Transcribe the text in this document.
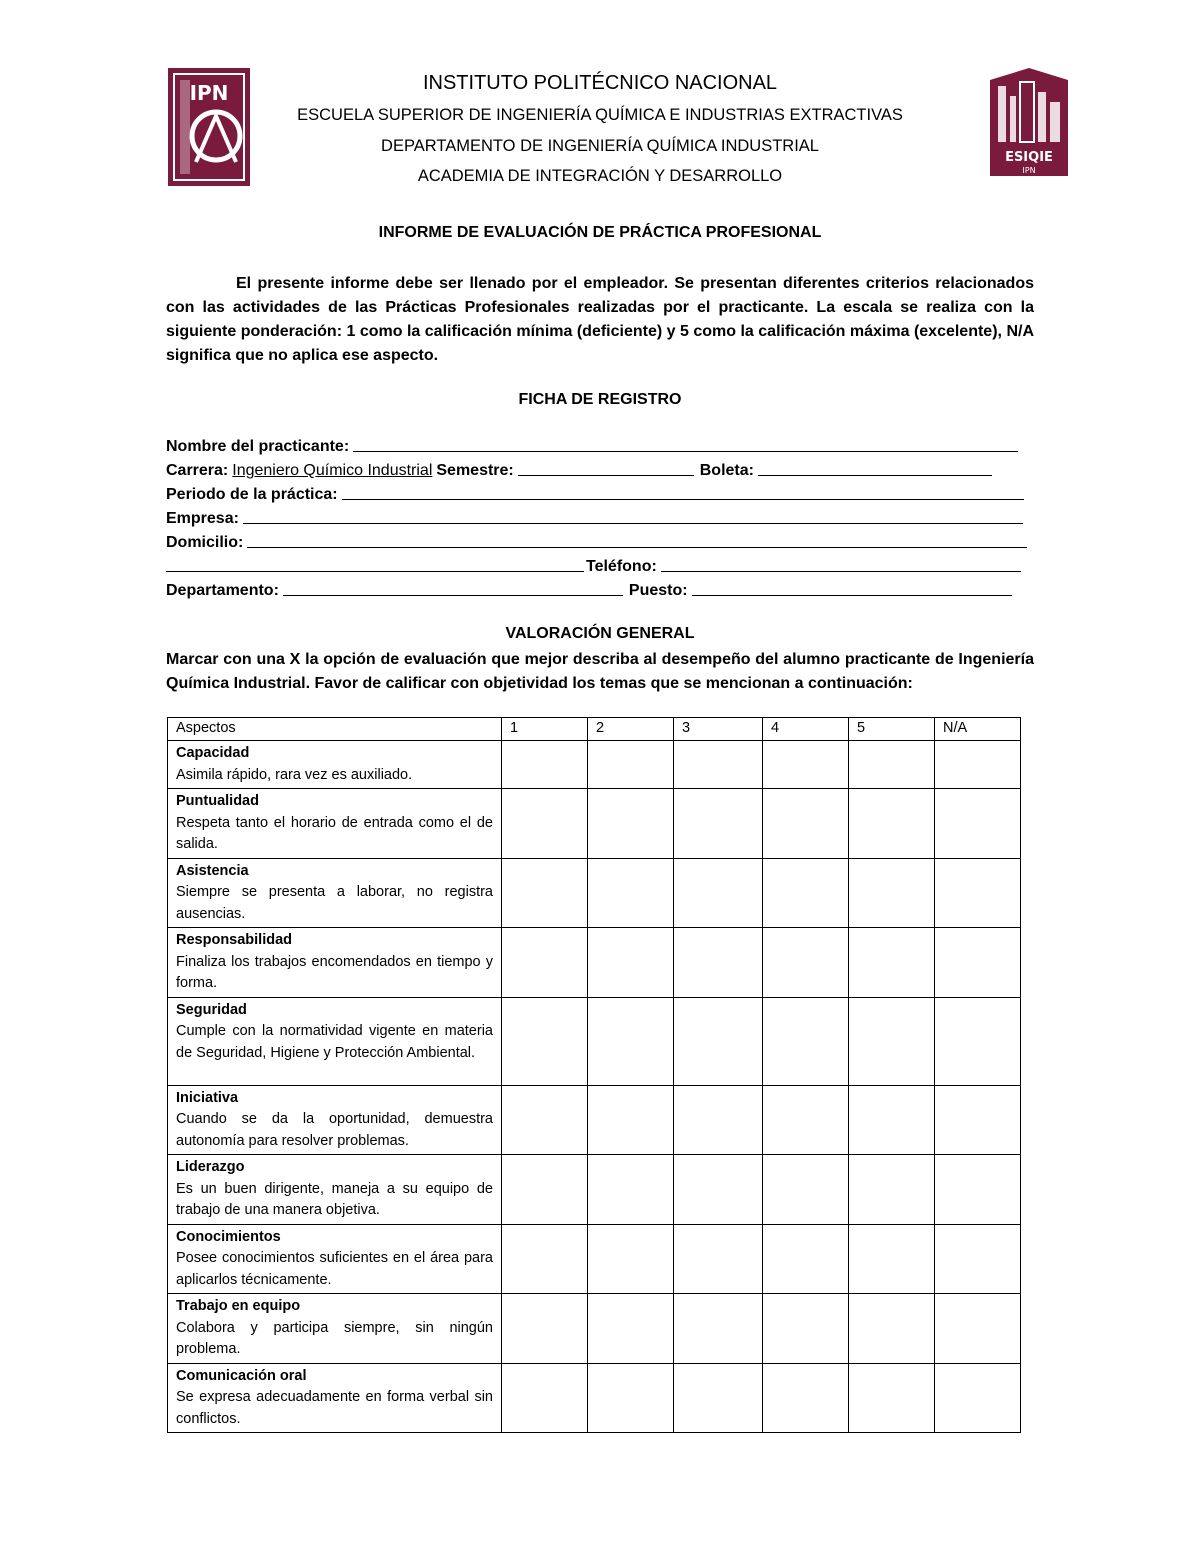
IPN
ESIQIE
IPN
INSTITUTO POLITÉCNICO NACIONAL
ESCUELA SUPERIOR DE INGENIERÍA QUÍMICA E INDUSTRIAS EXTRACTIVAS
DEPARTAMENTO DE INGENIERÍA QUÍMICA INDUSTRIAL
ACADEMIA DE INTEGRACIÓN Y DESARROLLO
INFORME DE EVALUACIÓN DE PRÁCTICA PROFESIONAL
El presente informe debe ser llenado por el empleador. Se presentan diferentes criterios relacionados con las actividades de las Prácticas Profesionales realizadas por el practicante. La escala se realiza con la siguiente ponderación: 1 como la calificación mínima (deficiente) y 5 como la calificación máxima (excelente), N/A significa que no aplica ese aspecto.
FICHA DE REGISTRO
Nombre del practicante:
Carrera: Ingeniero Químico Industrial Semestre:	Boleta:
Periodo de la práctica:
Empresa:
Domicilio:
Teléfono:
Departamento:	Puesto:
VALORACIÓN GENERAL
Marcar con una X la opción de evaluación que mejor describa al desempeño del alumno practicante de Ingeniería Química Industrial. Favor de calificar con objetividad los temas que se mencionan a continuación:
Aspectos	1	2	3	4	5	N/A

Capacidad
Asimila rápido, rara vez es auxiliado.						

Puntualidad
Respeta tanto el horario de entrada como el de salida.						

Asistencia
Siempre se presenta a laborar, no registra ausencias.						

Responsabilidad
Finaliza los trabajos encomendados en tiempo y forma.						

Seguridad
Cumple con la normatividad vigente en materia de Seguridad, Higiene y Protección Ambiental.						

Iniciativa
Cuando se da la oportunidad, demuestra autonomía para resolver problemas.						

Liderazgo
Es un buen dirigente, maneja a su equipo de trabajo de una manera objetiva.						

Conocimientos
Posee conocimientos suficientes en el área para aplicarlos técnicamente.						

Trabajo en equipo
Colabora y participa siempre, sin ningún problema.						

Comunicación oral
Se expresa adecuadamente en forma verbal sin conflictos.						
